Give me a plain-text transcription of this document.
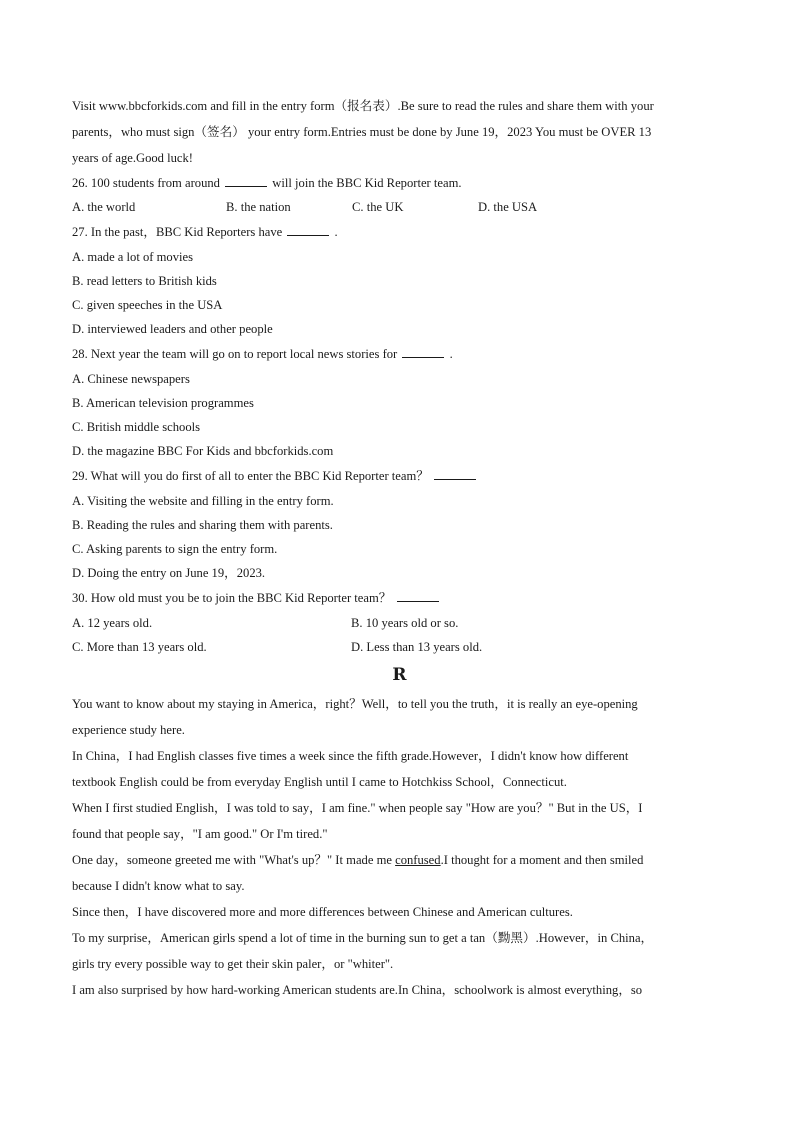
Visit www.bbcforkids.com and fill in the entry form（报名表）.Be sure to read the rules and share them with your
parents，who must sign（签名） your entry form.Entries must be done by June 19，2023 You must be OVER 13
years of age.Good luck!
26. 100 students from around	will join the BBC Kid Reporter team.
A. the world	B. the nation	C. the UK	D. the USA
27. In the past，BBC Kid Reporters have	.
A. made a lot of movies
B. read letters to British kids
C. given speeches in the USA
D. interviewed leaders and other people
28. Next year the team will go on to report local news stories for	.
A. Chinese newspapers
B. American television programmes
C. British middle schools
D. the magazine BBC For Kids and bbcforkids.com
29. What will you do first of all to enter the BBC Kid Reporter team？
A. Visiting the website and filling in the entry form.
B. Reading the rules and sharing them with parents.
C. Asking parents to sign the entry form.
D. Doing the entry on June 19，2023.
30. How old must you be to join the BBC Kid Reporter team？
A. 12 years old.	B. 10 years old or so.
C. More than 13 years old.	D. Less than 13 years old.
R
You want to know about my staying in America，right？Well，to tell you the truth，it is really an eye-opening
experience study here.
In China，I had English classes five times a week since the fifth grade.However，I didn't know how different
textbook English could be from everyday English until I came to Hotchkiss School，Connecticut.
When I first studied English，I was told to say，I am fine." when people say "How are you？" But in the US，I
found that people say，"I am good." Or I'm tired."
One day，someone greeted me with "What's up？" It made me confused.I thought for a moment and then smiled
because I didn't know what to say.
Since then，I have discovered more and more differences between Chinese and American cultures.
To my surprise，American girls spend a lot of time in the burning sun to get a tan（黝黑）.However，in China，
girls try every possible way to get their skin paler，or "whiter".
I am also surprised by how hard-working American students are.In China，schoolwork is almost everything，so
